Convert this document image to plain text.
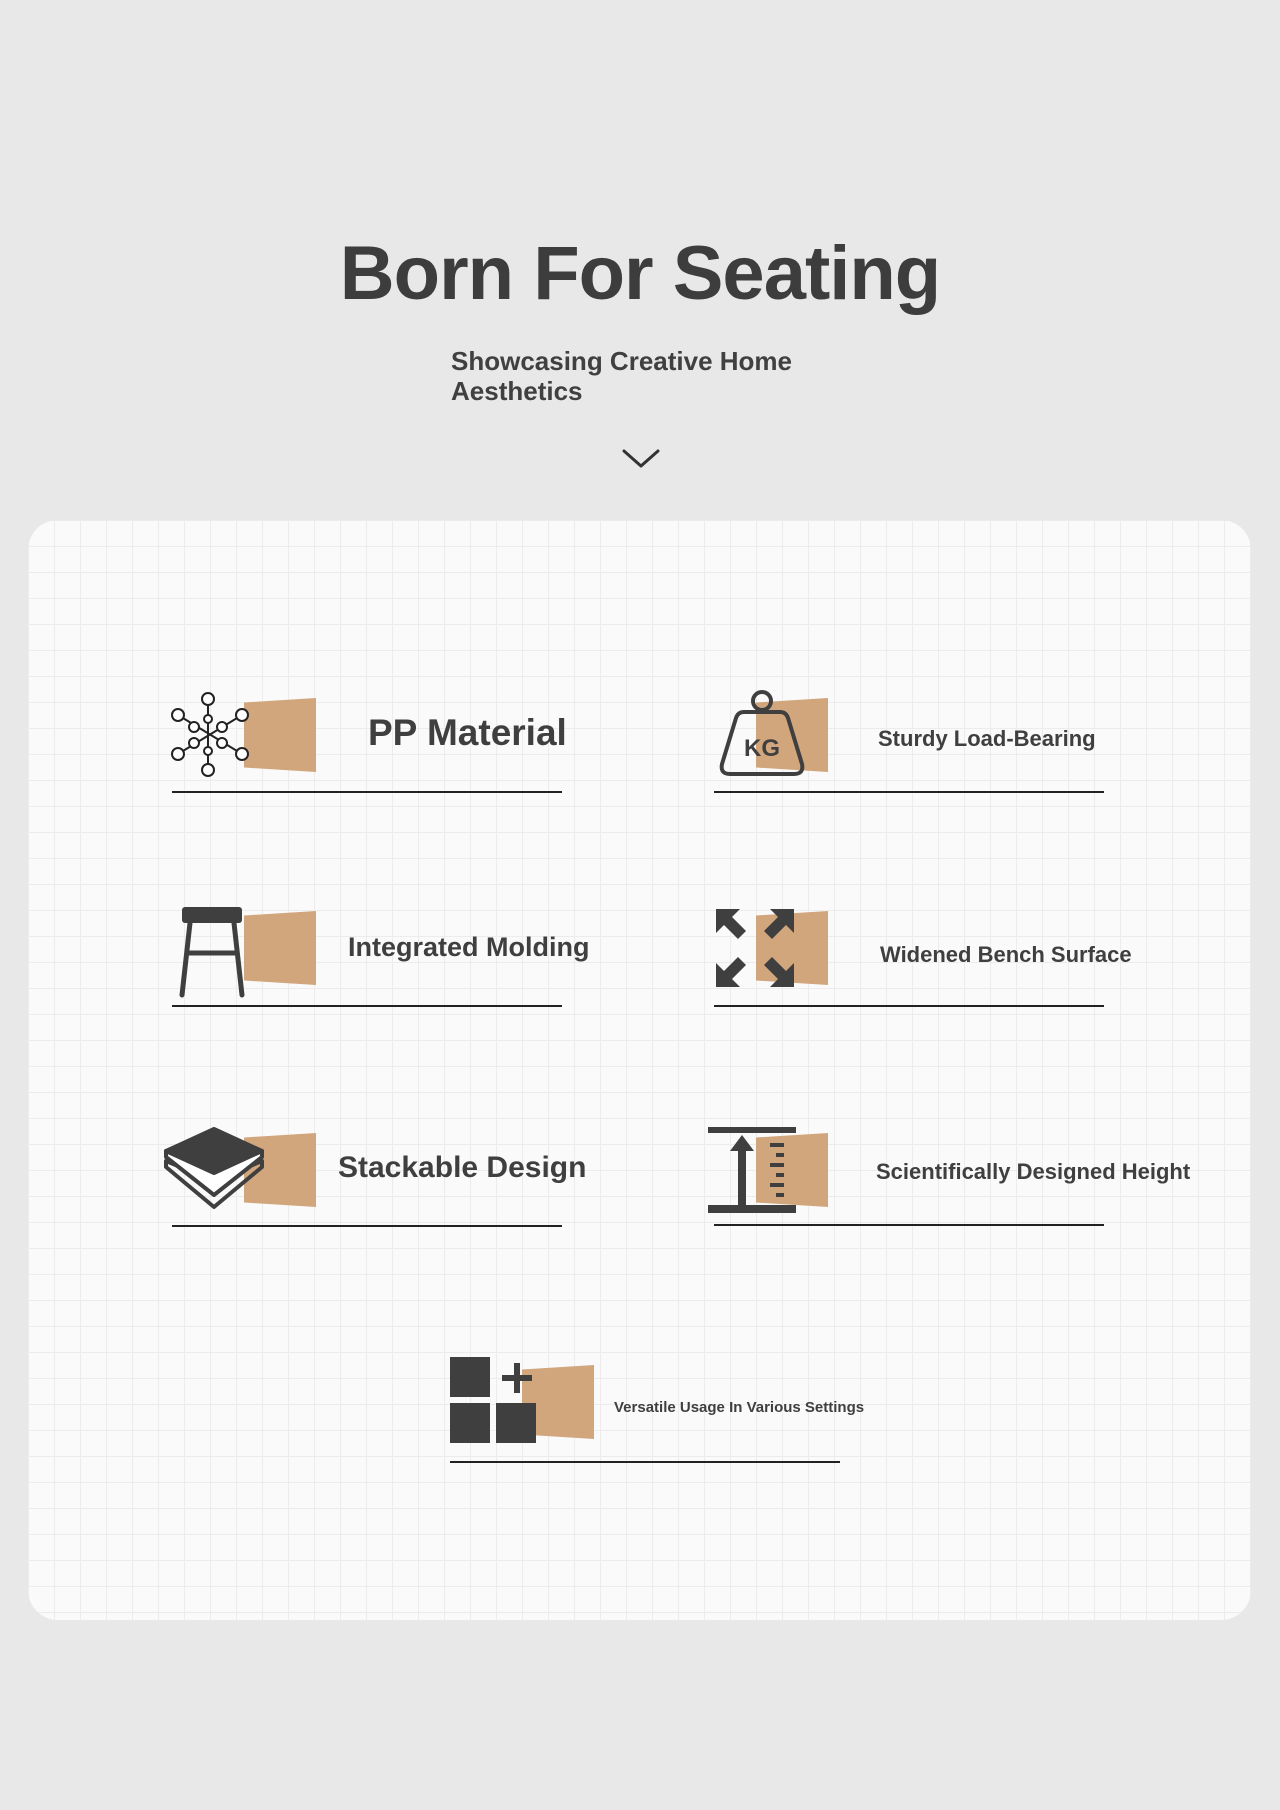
Born For Seating
Showcasing Creative Home
Aesthetics
PP Material	KG	Sturdy Load-Bearing
Integrated Molding	Widened Bench Surface
Stackable Design	Scientifically Designed Height
Versatile Usage In Various Settings
